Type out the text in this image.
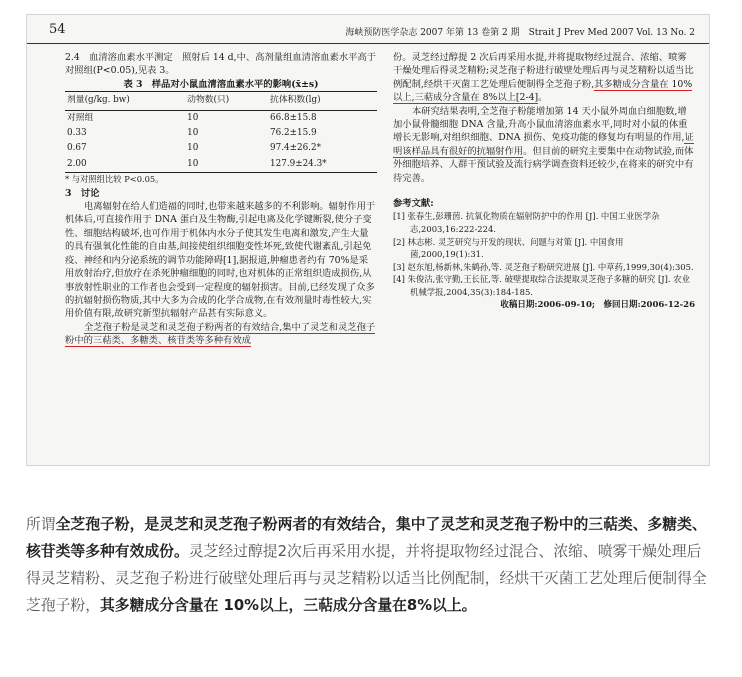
54	海峡预防医学杂志 2007 年第 13 卷第 2 期　Strait J Prev Med 2007 Vol. 13 No. 2

2.4　血清溶血素水平测定　照射后 14 d,中、高剂量组血清溶血素水平高于对照组(P<0.05),见表 3。

表 3　样品对小鼠血清溶血素水平的影响(x̄±s)

剂量(g/kg. bw)	动物数(只)	抗体积数(lg)
对照组	10	66.8±15.8
0.33	10	76.2±15.9
0.67	10	97.4±26.2*
2.00	10	127.9±24.3*

* 与对照组比较 P<0.05。

3　讨论

电离辐射在给人们造福的同时,也带来越来越多的不利影响。辐射作用于机体后,可直接作用于 DNA 蛋白及生物酶,引起电离及化学键断裂,使分子变性、细胞结构破坏,也可作用于机体内水分子使其发生电离和激发,产生大量的具有强氧化性能的自由基,间接使组织细胞变性坏死,致使代谢紊乱,引起免疫、神经和内分泌系统的调节功能障碍[1],据报道,肿瘤患者约有 70%是采用放射治疗,但放疗在杀死肿瘤细胞的同时,也对机体的正常组织造成损伤,从事放射性职业的工作者也会受到一定程度的辐射损害。目前,已经发现了众多的抗辐射损伤物质,其中大多为合成的化学合成物,在有效剂量时毒性较大,实用价值有限,故研究新型抗辐射产品甚有实际意义。

全芝孢子粉是灵芝和灵芝孢子粉两者的有效结合,集中了灵芝和灵芝孢子粉中的三萜类、多糖类、核苷类等多种有效成

份。灵芝经过醇提 2 次后再采用水提,并将提取物经过混合、浓缩、喷雾干燥处理后得灵芝精粉;灵芝孢子粉进行破壁处理后再与灵芝精粉以适当比例配制,经烘干灭菌工艺处理后便制得全芝孢子粉,其多糖成分含量在 10%以上,三萜成分含量在 8%以上[2-4]。

本研究结果表明,全芝孢子粉能增加第 14 天小鼠外周血白细胞数,增加小鼠骨髓细胞 DNA 含量,升高小鼠血清溶血素水平,同时对小鼠的体重增长无影响,对组织细胞、DNA 损伤、免疫功能的修复均有明显的作用,证明该样品具有很好的抗辐射作用。但目前的研究主要集中在动物试验,而体外细胞培养、人群干预试验及流行病学调查资料还较少,在将来的研究中有待完善。

参考文献:

[1] 张春生,彭珊茵. 抗氧化物质在辐射防护中的作用 [J]. 中国工业医学杂志,2003,16:222-224.

[2] 林志彬. 灵芝研究与开发的现状、问题与对策 [J]. 中国食用菌,2000,19(1):31.

[3] 赵东旭,杨新林,朱鹤孙,等. 灵芝孢子粉研究进展 [J]. 中草药,1999,30(4):305.

[4] 朱俊沽,张守勤,王长征,等. 破壁提取综合法提取灵芝孢子多糖的研究 [J]. 农业机械学报,2004,35(3):184-185.

收稿日期:2006-09-10;　修回日期:2006-12-26

所谓全芝孢子粉，是灵芝和灵芝孢子粉两者的有效结合，集中了灵芝和灵芝孢子粉中的三萜类、多糖类、核苷类等多种有效成份。灵芝经过醇提2次后再采用水提，并将提取物经过混合、浓缩、喷雾干燥处理后得灵芝精粉、灵芝孢子粉进行破壁处理后再与灵芝精粉以适当比例配制，经烘干灭菌工艺处理后便制得全芝孢子粉，其多糖成分含量在 10%以上，三萜成分含量在8%以上。
